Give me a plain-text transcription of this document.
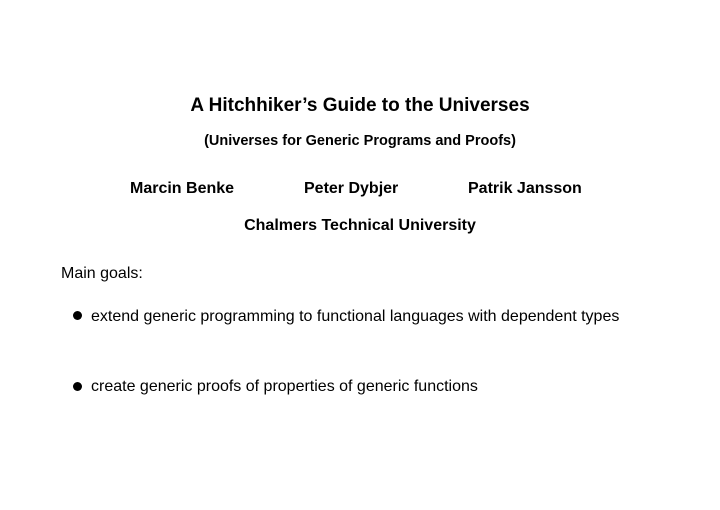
A Hitchhiker’s Guide to the Universes
(Universes for Generic Programs and Proofs)
Marcin Benke	Peter Dybjer	Patrik Jansson
Chalmers Technical University
Main goals:
extend generic programming to functional languages with dependent types
create generic proofs of properties of generic functions
